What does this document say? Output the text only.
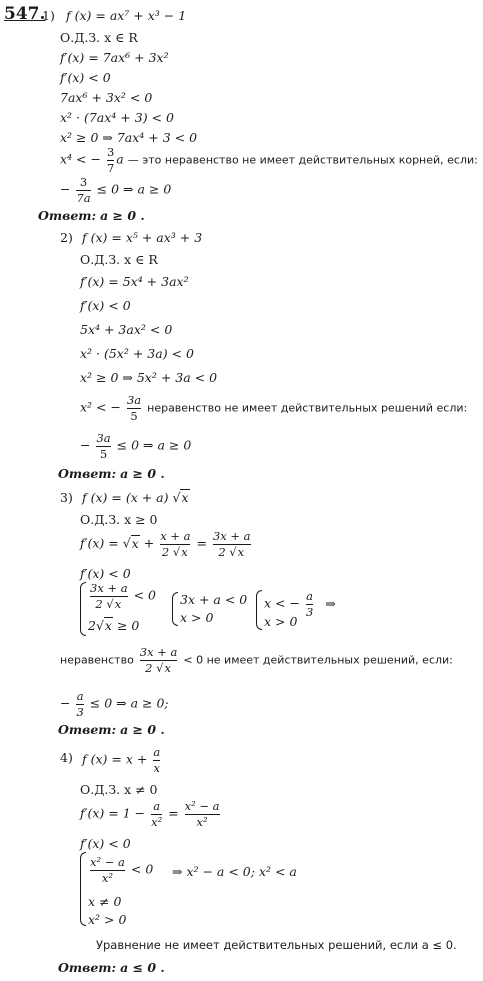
547.
1) f (x) = ax⁷ + x³ − 1
О.Д.З. x ∈ R
f′(x) = 7ax⁶ + 3x²
f′(x) < 0
7ax⁶ + 3x² < 0
x² · (7ax⁴ + 3) < 0
x² ≥ 0 ⇒ 7ax⁴ + 3 < 0
x⁴ < − $\frac{3}{7}$ a — это неравенство не имеет действительных корней, если:
− $\frac{3}{7a} \le 0$ ⇒ a ≥ 0
Ответ: a ≥ 0 .
2) f (x) = x⁵ + ax³ + 3
О.Д.З. x ∈ R
f′(x) = 5x⁴ + 3ax²
f′(x) < 0
5x⁴ + 3ax² < 0
x² · (5x² + 3a) < 0
x² ≥ 0 ⇒ 5x² + 3a < 0
x² < − $\frac{3a}{5}$ неравенство не имеет действительных решений если:
− $\frac{3a}{5} \le 0$ ⇒ a ≥ 0
Ответ: a ≥ 0 .
3) f (x) = (x + a) √x
О.Д.З. x ≥ 0
$f'(x) = √x + \frac{x + a}{2 √x} = \frac{3x + a}{2 √x}$
f′(x) < 0
$\frac{3x + a}{2 √x} < 0$
2√x ≥ 0
3x + a < 0
x > 0
x < − $\frac{a}{3}$ ⇒
x > 0
неравенство $\frac{3x + a}{2 √x} < 0$ не имеет действительных решений, если:
− $\frac{a}{3} \le 0$ ⇒ a ≥ 0;
Ответ: a ≥ 0 .
4) f $(x) = x + \frac{a}{x}$
О.Д.З. x ≠ 0
$f'(x) = 1 - \frac{a}{\text{x²}} = \frac{\text{x² − a}}{\text{x²}}$
f′(x) < 0
$\frac{\text{x² − a}}{\text{x²}} < 0$ ⇒ x² − a < 0; x² < a
x ≠ 0
x² > 0
Уравнение не имеет действительных решений, если a ≤ 0.
Ответ: a ≤ 0 .
